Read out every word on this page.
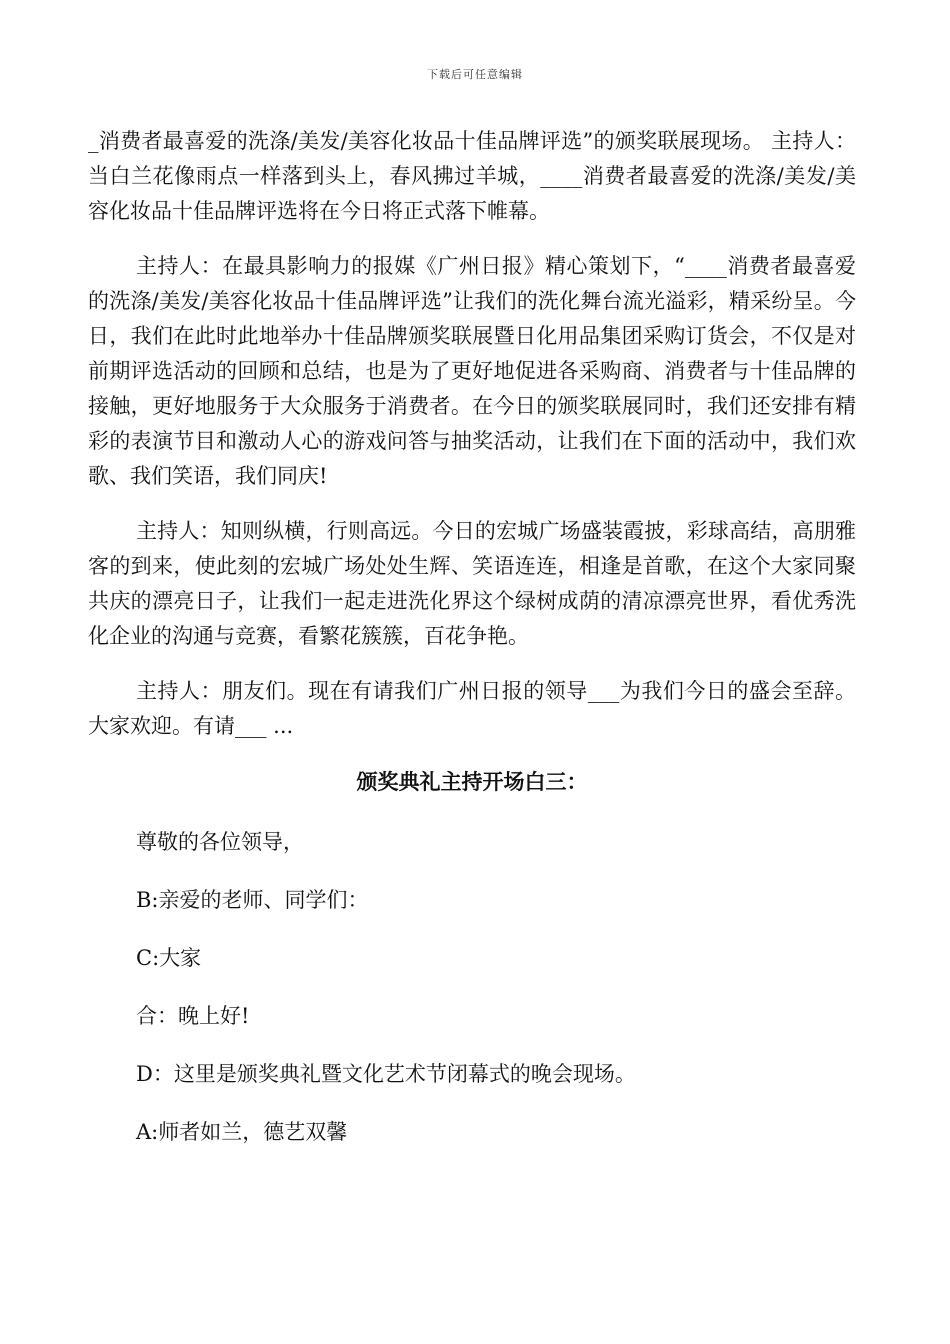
下载后可任意编辑

_消费者最喜爱的洗涤/美发/美容化妆品十佳品牌评选”的颁奖联展现场。 主持人：当白兰花像雨点一样落到头上，春风拂过羊城，____消费者最喜爱的洗涤/美发/美容化妆品十佳品牌评选将在今日将正式落下帷幕。

主持人：在最具影响力的报媒《广州日报》精心策划下，“____消费者最喜爱的洗涤/美发/美容化妆品十佳品牌评选”让我们的洗化舞台流光溢彩，精采纷呈。今日，我们在此时此地举办十佳品牌颁奖联展暨日化用品集团采购订货会，不仅是对前期评选活动的回顾和总结，也是为了更好地促进各采购商、消费者与十佳品牌的接触，更好地服务于大众服务于消费者。在今日的颁奖联展同时，我们还安排有精彩的表演节目和激动人心的游戏问答与抽奖活动，让我们在下面的活动中，我们欢歌、我们笑语，我们同庆!

主持人：知则纵横，行则高远。今日的宏城广场盛装霞披，彩球高结，高朋雅客的到来，使此刻的宏城广场处处生辉、笑语连连，相逢是首歌，在这个大家同聚共庆的漂亮日子，让我们一起走进洗化界这个绿树成荫的清凉漂亮世界，看优秀洗化企业的沟通与竞赛，看繁花簇簇，百花争艳。

主持人：朋友们。现在有请我们广州日报的领导___为我们今日的盛会至辞。大家欢迎。有请___ ...

颁奖典礼主持开场白三：

尊敬的各位领导，

B:亲爱的老师、同学们：

C:大家

合：晚上好!

D：这里是颁奖典礼暨文化艺术节闭幕式的晚会现场。

A:师者如兰，德艺双馨
